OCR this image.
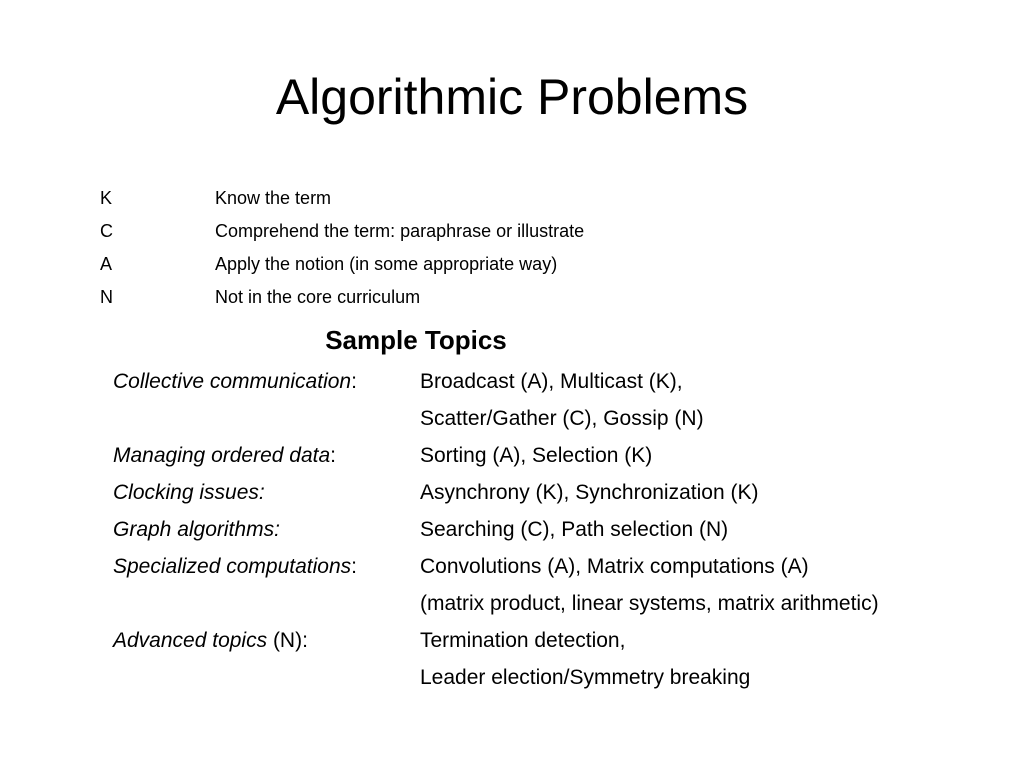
Algorithmic Problems
K	Know the term
C	Comprehend the term: paraphrase or illustrate
A	Apply the notion (in some appropriate way)
N	Not in the core curriculum
Sample Topics
Collective communication:	Broadcast (A), Multicast (K),
Scatter/Gather (C), Gossip (N)
Managing ordered data:	Sorting (A), Selection (K)
Clocking issues:	Asynchrony (K), Synchronization (K)
Graph algorithms:	Searching (C), Path selection (N)
Specialized computations:	Convolutions (A), Matrix computations (A)
(matrix product, linear systems, matrix arithmetic)
Advanced topics (N):	Termination detection,
Leader election/Symmetry breaking
